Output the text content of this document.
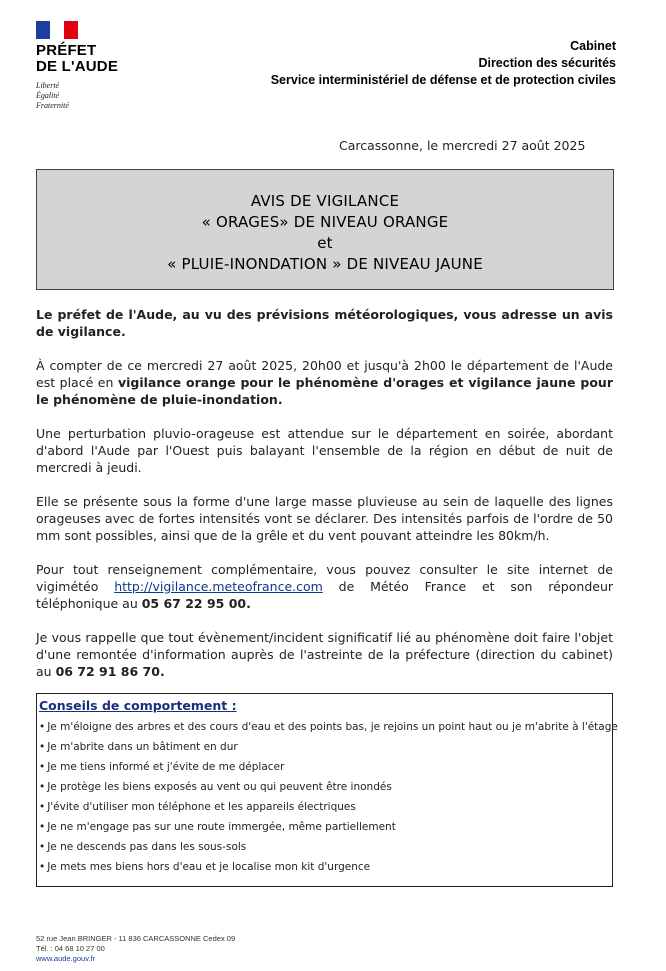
PRÉFET
DE L'AUDE
Liberté
Égalité
Fraternité
Cabinet
Direction des sécurités
Service interministériel de défense et de protection civiles
Carcassonne, le mercredi 27 août 2025
AVIS DE VIGILANCE
« ORAGES» DE NIVEAU ORANGE
et
« PLUIE-INONDATION » DE NIVEAU JAUNE

Le préfet de l'Aude, au vu des prévisions météorologiques, vous adresse un avis de vigilance.

À compter de ce mercredi 27 août 2025, 20h00 et jusqu'à 2h00 le département de l'Aude est placé en vigilance orange pour le phénomène d'orages et vigilance jaune pour le phénomène de pluie-inondation.

Une perturbation pluvio-orageuse est attendue sur le département en soirée, abordant d'abord l'Aude par l'Ouest puis balayant l'ensemble de la région en début de nuit de mercredi à jeudi.

Elle se présente sous la forme d'une large masse pluvieuse au sein de laquelle des lignes orageuses avec de fortes intensités vont se déclarer. Des intensités parfois de l'ordre de 50 mm sont possibles, ainsi que de la grêle et du vent pouvant atteindre les 80km/h.

Pour tout renseignement complémentaire, vous pouvez consulter le site internet de vigimétéo http://vigilance.meteofrance.com de Météo France et son répondeur téléphonique au 05 67 22 95 00.

Je vous rappelle que tout évènement/incident significatif lié au phénomène doit faire l'objet d'une remontée d'information auprès de l'astreinte de la préfecture (direction du cabinet) au 06 72 91 86 70.

Conseils de comportement :
• Je m'éloigne des arbres et des cours d'eau et des points bas, je rejoins un point haut ou je m'abrite à l'étage
• Je m'abrite dans un bâtiment en dur
• Je me tiens informé et j'évite de me déplacer
• Je protège les biens exposés au vent ou qui peuvent être inondés
• J'évite d'utiliser mon téléphone et les appareils électriques
• Je ne m'engage pas sur une route immergée, même partiellement
• Je ne descends pas dans les sous-sols
• Je mets mes biens hors d'eau et je localise mon kit d'urgence
52 rue Jean BRINGER - 11 836 CARCASSONNE Cedex 09
Tél. : 04 68 10 27 00
www.aude.gouv.fr
